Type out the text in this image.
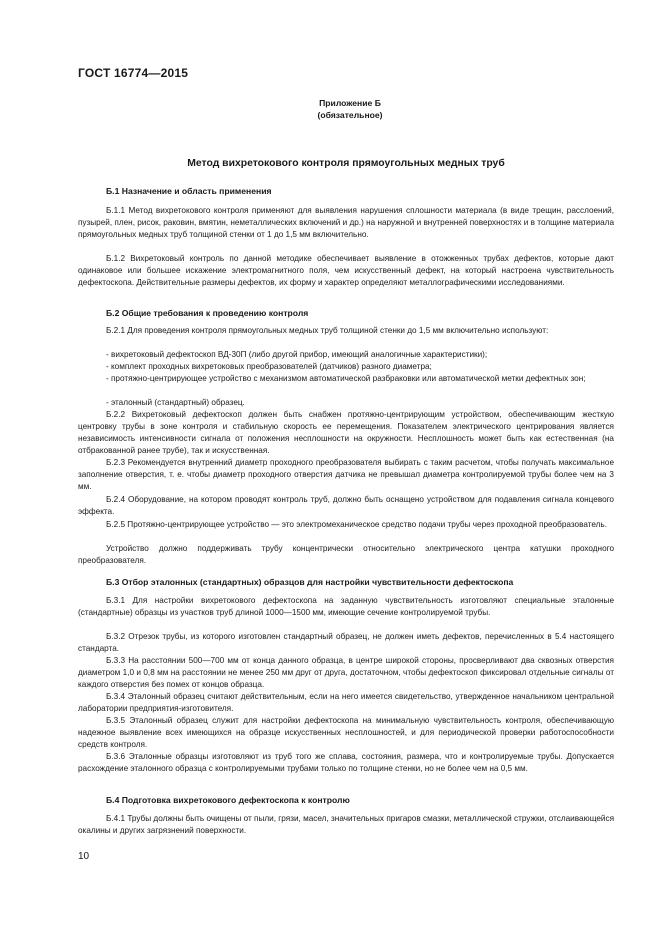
ГОСТ 16774—2015
Приложение Б
(обязательное)
Метод вихретокового контроля прямоугольных медных труб
Б.1 Назначение и область применения
Б.1.1 Метод вихретокового контроля применяют для выявления нарушения сплошности материала (в виде трещин, расслоений, пузырей, плен, рисок, раковин, вмятин, неметаллических включений и др.) на наружной и внутренней поверхностях и в толщине материала прямоугольных медных труб толщиной стенки от 1 до 1,5 мм включительно.
Б.1.2 Вихретоковый контроль по данной методике обеспечивает выявление в отожженных трубах дефектов, которые дают одинаковое или большее искажение электромагнитного поля, чем искусственный дефект, на который настроена чувствительность дефектоскопа. Действительные размеры дефектов, их форму и характер определяют металлографическими исследованиями.
Б.2 Общие требования к проведению контроля
Б.2.1 Для проведения контроля прямоугольных медных труб толщиной стенки до 1,5 мм включительно используют:
- вихретоковый дефектоскоп ВД-30П (либо другой прибор, имеющий аналогичные характеристики);
- комплект проходных вихретоковых преобразователей (датчиков) разного диаметра;
- протяжно-центрирующее устройство с механизмом автоматической разбраковки или автоматической метки дефектных зон;
- эталонный (стандартный) образец.
Б.2.2 Вихретоковый дефектоскоп должен быть снабжен протяжно-центрирующим устройством, обеспечивающим жесткую центровку трубы в зоне контроля и стабильную скорость ее перемещения. Показателем электрического центрирования является независимость интенсивности сигнала от положения несплошности на окружности. Несплошность может быть как естественная (на отбракованной ранее трубе), так и искусственная.
Б.2.3 Рекомендуется внутренний диаметр проходного преобразователя выбирать с таким расчетом, чтобы получать максимальное заполнение отверстия, т. е. чтобы диаметр проходного отверстия датчика не превышал диаметра контролируемой трубы более чем на 3 мм.
Б.2.4 Оборудование, на котором проводят контроль труб, должно быть оснащено устройством для подавления сигнала концевого эффекта.
Б.2.5 Протяжно-центрирующее устройство — это электромеханическое средство подачи трубы через проходной преобразователь.
Устройство должно поддерживать трубу концентрически относительно электрического центра катушки проходного преобразователя.
Б.3 Отбор эталонных (стандартных) образцов для настройки чувствительности дефектоскопа
Б.3.1 Для настройки вихретокового дефектоскопа на заданную чувствительность изготовляют специальные эталонные (стандартные) образцы из участков труб длиной 1000—1500 мм, имеющие сечение контролируемой трубы.
Б.3.2 Отрезок трубы, из которого изготовлен стандартный образец, не должен иметь дефектов, перечисленных в 5.4 настоящего стандарта.
Б.3.3 На расстоянии 500—700 мм от конца данного образца, в центре широкой стороны, просверливают два сквозных отверстия диаметром 1,0 и 0,8 мм на расстоянии не менее 250 мм друг от друга, достаточном, чтобы дефектоскоп фиксировал отдельные сигналы от каждого отверстия без помех от концов образца.
Б.3.4 Эталонный образец считают действительным, если на него имеется свидетельство, утвержденное начальником центральной лаборатории предприятия-изготовителя.
Б.3.5 Эталонный образец служит для настройки дефектоскопа на минимальную чувствительность контроля, обеспечивающую надежное выявление всех имеющихся на образце искусственных несплошностей, и для периодической проверки работоспособности средств контроля.
Б.3.6 Эталонные образцы изготовляют из труб того же сплава, состояния, размера, что и контролируемые трубы. Допускается расхождение эталонного образца с контролируемыми трубами только по толщине стенки, но не более чем на 0,5 мм.
Б.4 Подготовка вихретокового дефектоскопа к контролю
Б.4.1 Трубы должны быть очищены от пыли, грязи, масел, значительных пригаров смазки, металлической стружки, отслаивающейся окалины и других загрязнений поверхности.
10
